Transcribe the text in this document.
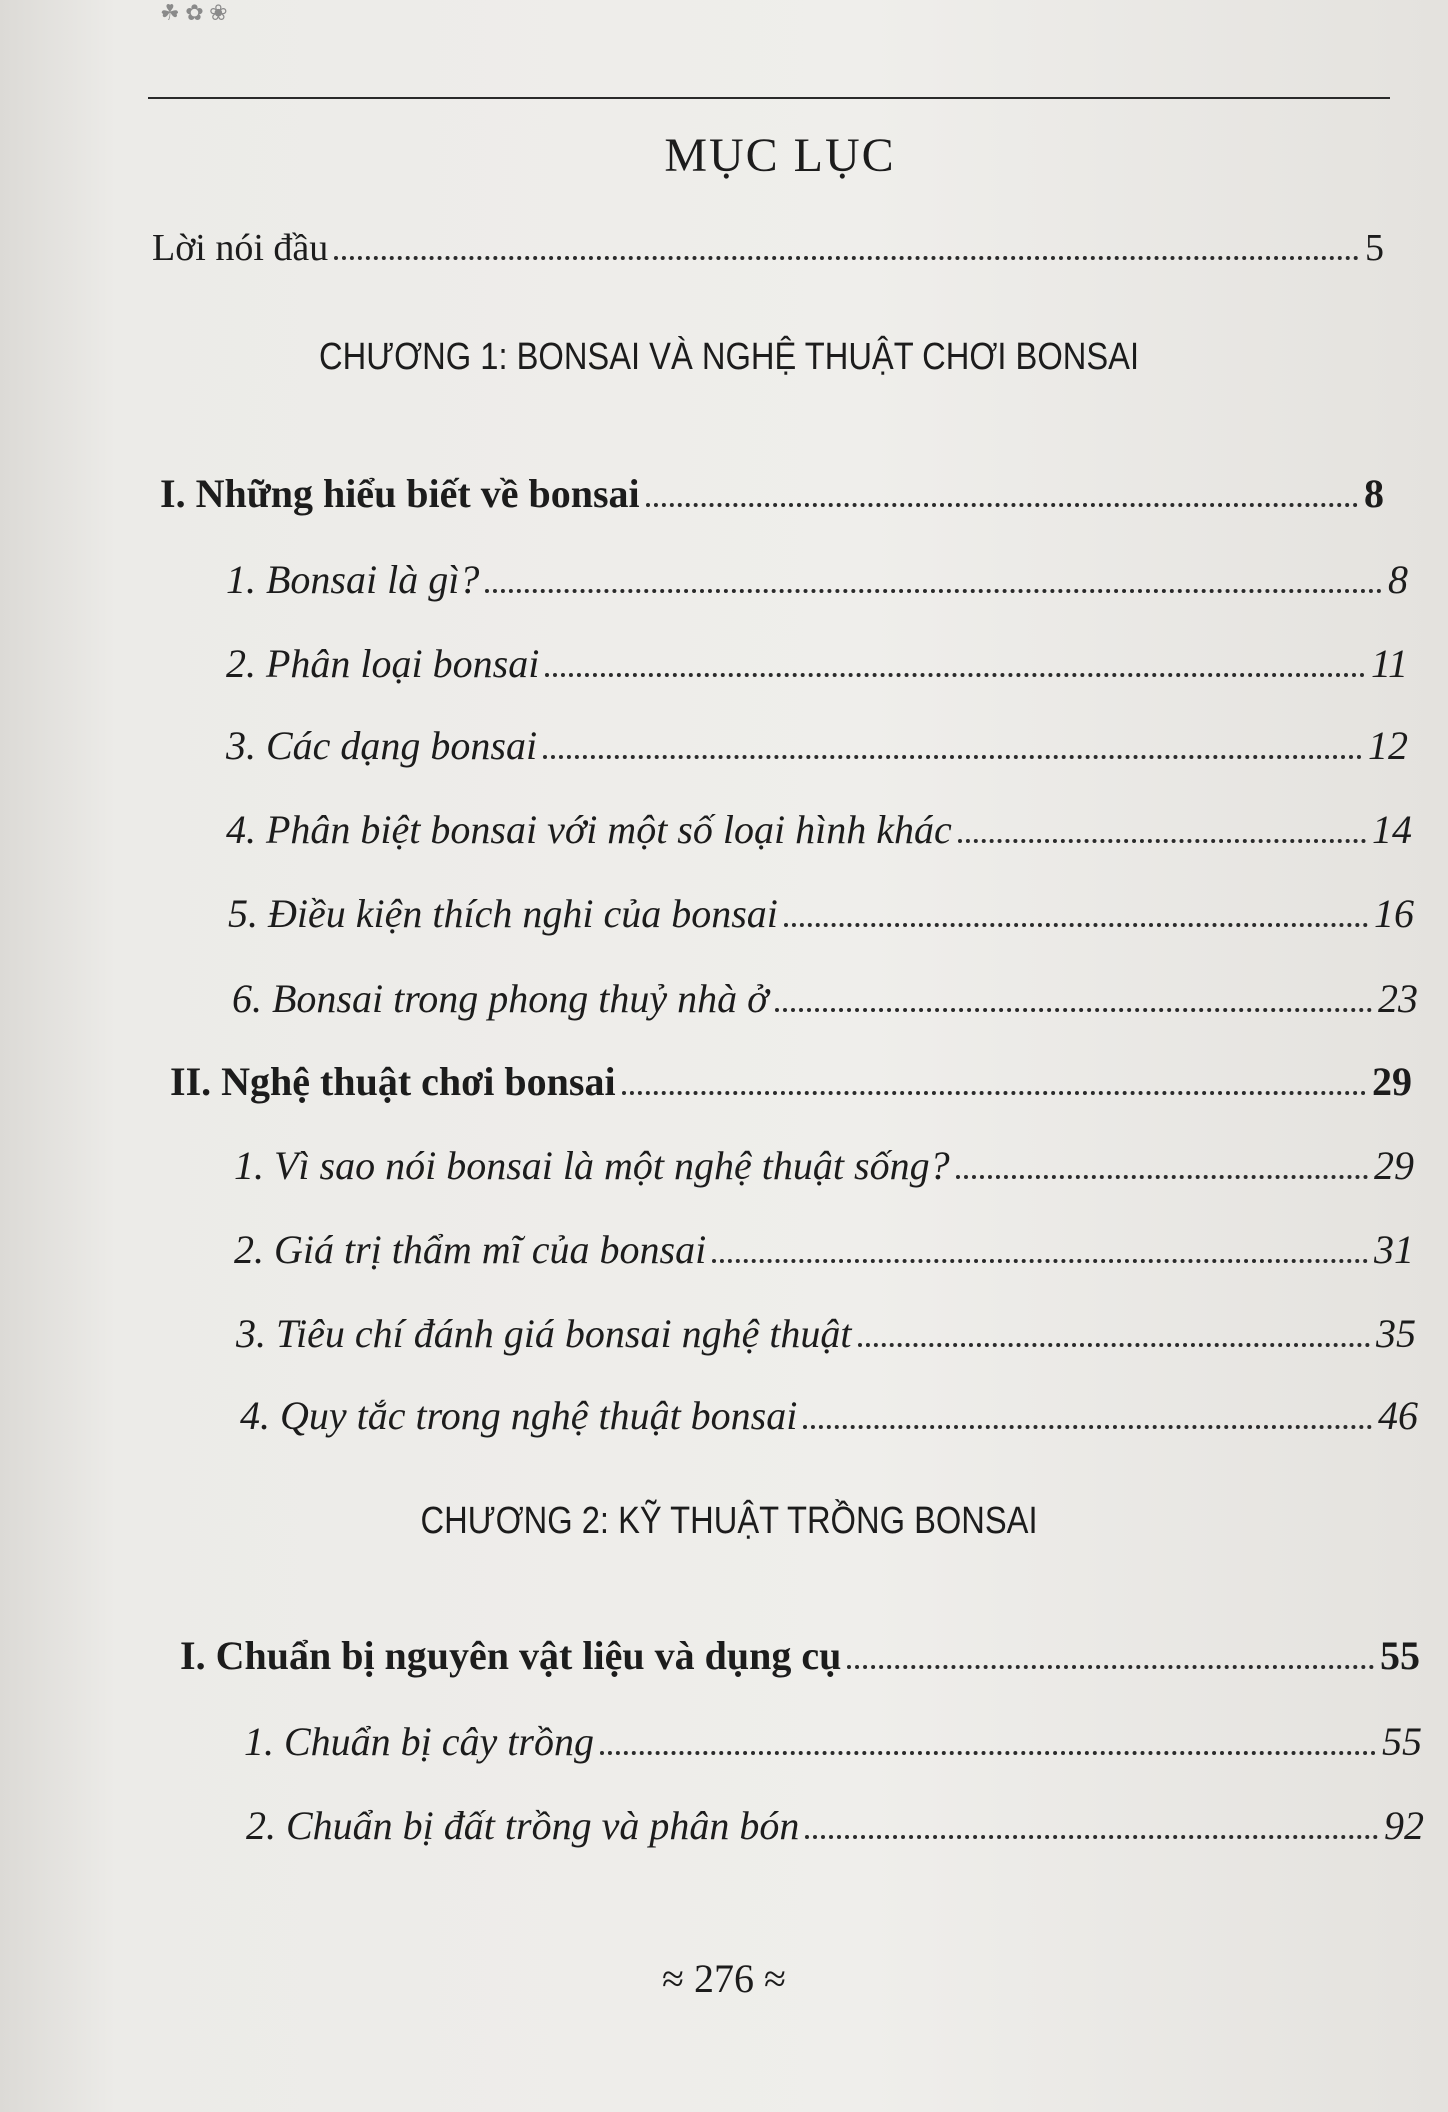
☘ ✿ ❀
MỤC LỤC
Lời nói đầu	5
CHƯƠNG 1: BONSAI VÀ NGHỆ THUẬT CHƠI BONSAI
I. Những hiểu biết về bonsai	8
1. Bonsai là gì?	8
2. Phân loại bonsai	11
3. Các dạng bonsai	12
4. Phân biệt bonsai với một số loại hình khác	14
5. Điều kiện thích nghi của bonsai	16
6. Bonsai trong phong thuỷ nhà ở	23
II. Nghệ thuật chơi bonsai	29
1. Vì sao nói bonsai là một nghệ thuật sống?	29
2. Giá trị thẩm mĩ của bonsai	31
3. Tiêu chí đánh giá bonsai nghệ thuật	35
4. Quy tắc trong nghệ thuật bonsai	46
CHƯƠNG 2: KỸ THUẬT TRỒNG BONSAI
I. Chuẩn bị nguyên vật liệu và dụng cụ	55
1. Chuẩn bị cây trồng	55
2. Chuẩn bị đất trồng và phân bón	92
≈ 276 ≈
